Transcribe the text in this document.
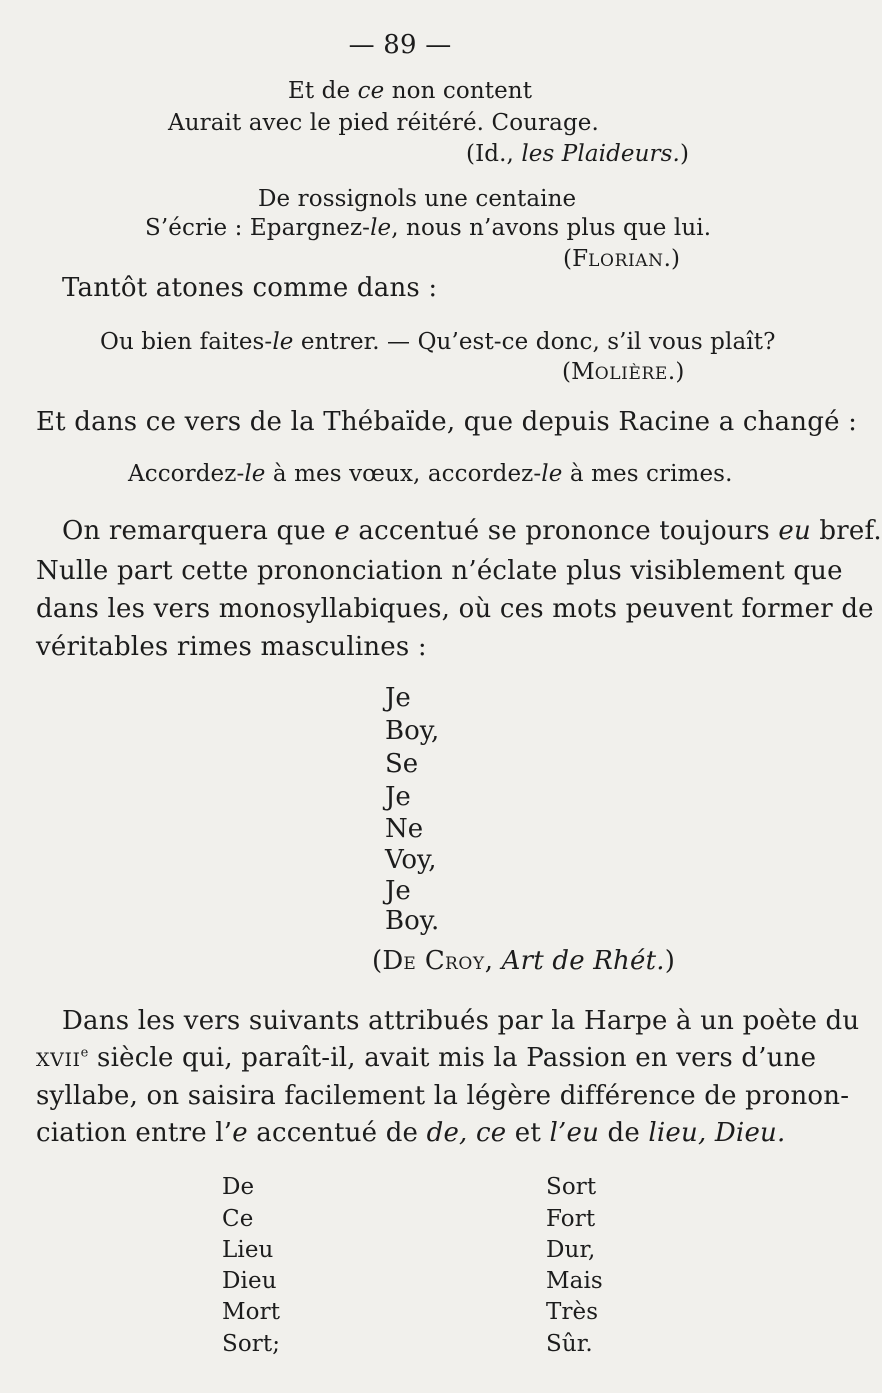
— 89 —
Et de ce non content
Aurait avec le pied réitéré. Courage.
(Id., les Plaideurs.)
De rossignols une centaine
S’écrie : Epargnez-le, nous n’avons plus que lui.
(FLORIAN.)
Tantôt atones comme dans :
Ou bien faites-le entrer. — Qu’est-ce donc, s’il vous plaît?
(MOLIÈRE.)
Et dans ce vers de la Thébaïde, que depuis Racine a changé :
Accordez-le à mes vœux, accordez-le à mes crimes.
On remarquera que e accentué se prononce toujours eu bref.
Nulle part cette prononciation n’éclate plus visiblement que
dans les vers monosyllabiques, où ces mots peuvent former de
véritables rimes masculines :
Je
Boy,
Se
Je
Ne
Voy,
Je
Boy.
(DE CROY, Art de Rhét.)
Dans les vers suivants attribués par la Harpe à un poète du
XVIIe siècle qui, paraît-il, avait mis la Passion en vers d’une
syllabe, on saisira facilement la légère différence de pronon-
ciation entre l’e accentué de de, ce et l’eu de lieu, Dieu.
De
Ce
Lieu
Dieu
Mort
Sort;
Sort
Fort
Dur,
Mais
Très
Sûr.
